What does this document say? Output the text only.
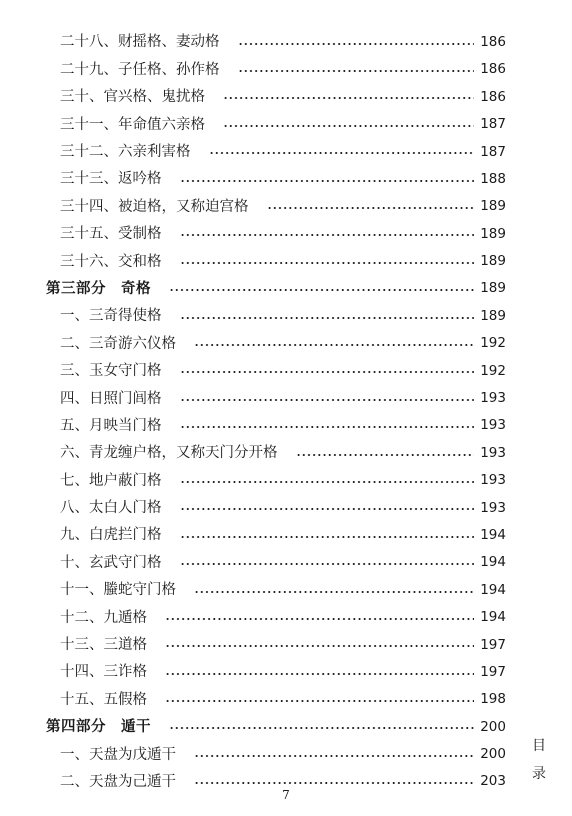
二十八、财摇格、妻动格	186
二十九、子任格、孙作格	186
三十、官兴格、鬼扰格	186
三十一、年命值六亲格	187
三十二、六亲利害格	187
三十三、返吟格	188
三十四、被迫格，又称迫宫格	189
三十五、受制格	189
三十六、交和格	189
第三部分　奇格	189
一、三奇得使格	189
二、三奇游六仪格	192
三、玉女守门格	192
四、日照门闾格	193
五、月映当门格	193
六、青龙缠户格，又称天门分开格	193
七、地户蔽门格	193
八、太白人门格	193
九、白虎拦门格	194
十、玄武守门格	194
十一、螣蛇守门格	194
十二、九遁格	194
十三、三道格	197
十四、三诈格	197
十五、五假格	198
第四部分　遁干	200
一、天盘为戊遁干	200
二、天盘为己遁干	203
目
录
7
